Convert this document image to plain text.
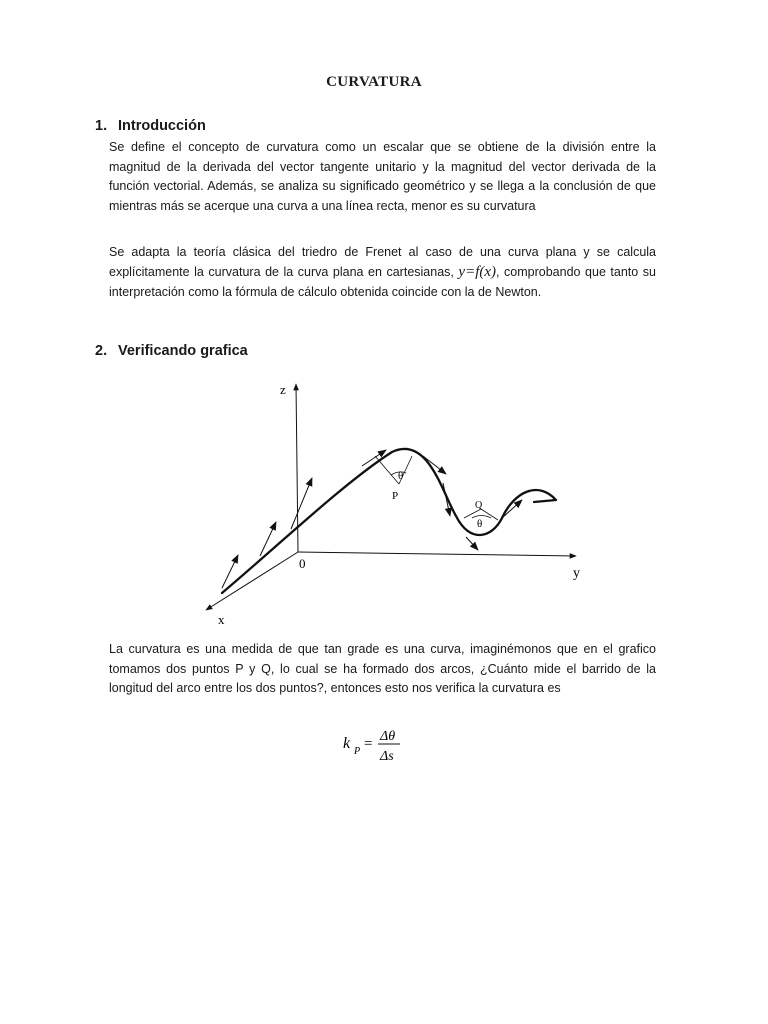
CURVATURA
1. Introducción

Se define el concepto de curvatura como un escalar que se obtiene de la división entre la magnitud de la derivada del vector tangente unitario y la magnitud del vector derivada de la función vectorial. Además, se analiza su significado geométrico y se llega a la conclusión de que mientras más se acerque una curva a una línea recta, menor es su curvatura

Se adapta la teoría clásica del triedro de Frenet al caso de una curva plana y se calcula explícitamente la curvatura de la curva plana en cartesianas, y=f(x), comprobando que tanto su interpretación como la fórmula de cálculo obtenida coincide con la de Newton.

2. Verificando grafica
z
y
x
0
θ
P
Q
θ

La curvatura es una medida de que tan grade es una curva, imaginémonos que en el grafico tomamos dos puntos P y Q, lo cual se ha formado dos arcos, ¿Cuánto mide el barrido de la longitud del arco entre los dos puntos?, entonces esto nos verifica la curvatura es

k P = Δθ
Δs
